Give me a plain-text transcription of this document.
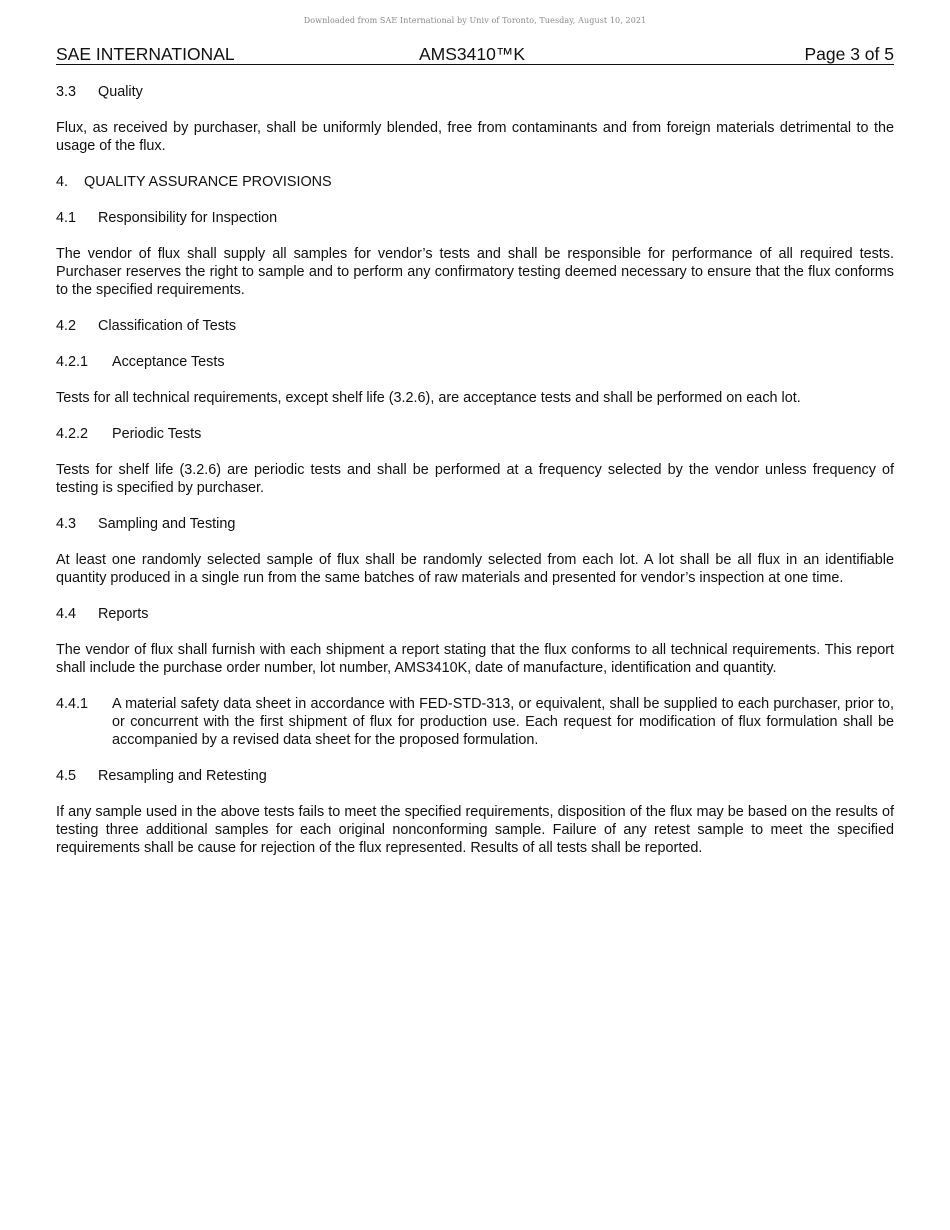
Downloaded from SAE International by Univ of Toronto, Tuesday, August 10, 2021
SAE INTERNATIONAL	AMS3410™K	Page 3 of 5
3.3 Quality
Flux, as received by purchaser, shall be uniformly blended, free from contaminants and from foreign materials detrimental to the usage of the flux.
4. QUALITY ASSURANCE PROVISIONS
4.1 Responsibility for Inspection
The vendor of flux shall supply all samples for vendor’s tests and shall be responsible for performance of all required tests. Purchaser reserves the right to sample and to perform any confirmatory testing deemed necessary to ensure that the flux conforms to the specified requirements.
4.2 Classification of Tests
4.2.1 Acceptance Tests
Tests for all technical requirements, except shelf life (3.2.6), are acceptance tests and shall be performed on each lot.
4.2.2 Periodic Tests
Tests for shelf life (3.2.6) are periodic tests and shall be performed at a frequency selected by the vendor unless frequency of testing is specified by purchaser.
4.3 Sampling and Testing
At least one randomly selected sample of flux shall be randomly selected from each lot. A lot shall be all flux in an identifiable quantity produced in a single run from the same batches of raw materials and presented for vendor’s inspection at one time.
4.4 Reports
The vendor of flux shall furnish with each shipment a report stating that the flux conforms to all technical requirements. This report shall include the purchase order number, lot number, AMS3410K, date of manufacture, identification and quantity.
4.4.1 A material safety data sheet in accordance with FED-STD-313, or equivalent, shall be supplied to each purchaser, prior to, or concurrent with the first shipment of flux for production use. Each request for modification of flux formulation shall be accompanied by a revised data sheet for the proposed formulation.
4.5 Resampling and Retesting
If any sample used in the above tests fails to meet the specified requirements, disposition of the flux may be based on the results of testing three additional samples for each original nonconforming sample. Failure of any retest sample to meet the specified requirements shall be cause for rejection of the flux represented. Results of all tests shall be reported.
